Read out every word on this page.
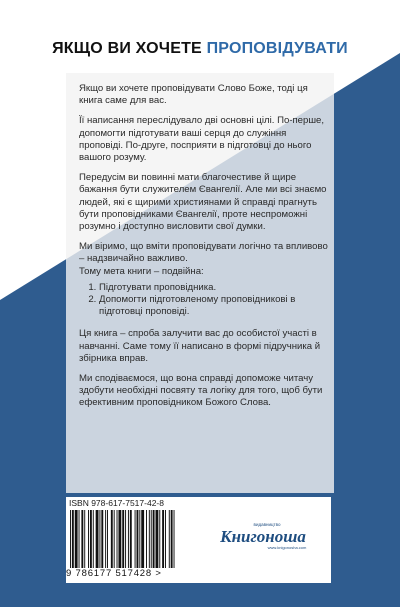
ЯКЩО ВИ ХОЧЕТЕ ПРОПОВІДУВАТИ

Якщо ви хочете проповідувати Слово Боже, тоді ця книга саме для вас.

Її написання переслідувало дві основні цілі. По-перше, допомогти підготувати ваші серця до служіння проповіді. По-друге, посприяти в підготовці до нього вашого розуму.

Передусім ви повинні мати благочестиве й щире бажання бути служителем Євангелії. Але ми всі знаємо людей, які є щирими християнами й справді прагнуть бути проповідниками Євангелії, проте неспроможні розумно і доступно висловити свої думки.

Ми віримо, що вміти проповідувати логічно та впливово – надзвичайно важливо.

Тому мета книги – подвійна:

1. Підготувати проповідника.
2. Допомогти підготовленому проповідникові в підготовці проповіді.

Ця книга – спроба залучити вас до особистої участі в навчанні. Саме тому її написано в формі підручника й збірника вправ.

Ми сподіваємося, що вона справді допоможе читачу здобути необхідні посвяту та логіку для того, щоб бути ефективним проповідником Божого Слова.

ISBN 978-617-7517-42-8
9 786177 517428 >
видавництво
Книгоноша
www.knigonosha.com
